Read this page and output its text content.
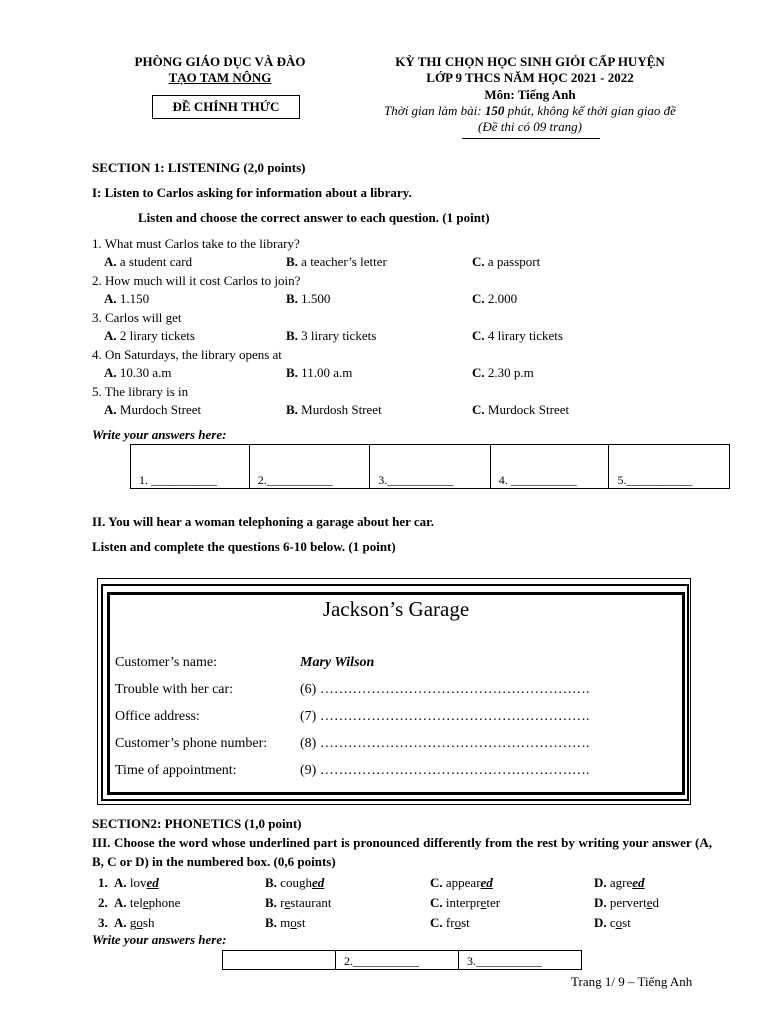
PHÒNG GIÁO DỤC VÀ ĐÀO
TẠO TAM NÔNG
ĐỀ CHÍNH THỨC
KỲ THI CHỌN HỌC SINH GIỎI CẤP HUYỆN
LỚP 9 THCS NĂM HỌC 2021 - 2022
Môn: Tiếng Anh
Thời gian làm bài: 150 phút, không kể thời gian giao đề
(Đề thi có 09 trang)
SECTION 1: LISTENING (2,0 points)
I: Listen to Carlos asking for information about a library.
Listen and choose the correct answer to each question. (1 point)
1. What must Carlos take to the library?
A. a student card	B. a teacher’s letter	C. a passport
2. How much will it cost Carlos to join?
A. 1.150	B. 1.500	C. 2.000
3. Carlos will get
A. 2 lirary tickets	B. 3 lirary tickets	C. 4 lirary tickets
4. On Saturdays, the library opens at
A. 10.30 a.m	B. 11.00 a.m	C. 2.30 p.m
5. The library is in
A. Murdoch Street	B. Murdosh Street	C. Murdock Street
Write your answers here:
1. ___________	2.___________	3.___________	4. ___________	5.___________
II. You will hear a woman telephoning a garage about her car.
Listen and complete the questions 6-10 below. (1 point)
Jackson’s Garage
Customer’s name:	Mary Wilson
Trouble with her car:	(6) ………………………………………………….
Office address:	(7) ………………………………………………….
Customer’s phone number: (8) ………………………………………………….
Time of appointment:	(9) ………………………………………………….
SECTION2: PHONETICS (1,0 point)
III. Choose the word whose underlined part is pronounced differently from the rest by writing your answer (A, B, C or D) in the numbered box. (0,6 points)
1. A. loved	B. coughed	C. appeared	D. agreed
2. A. telephone	B. restaurant	C. interpreter	D. perverted
3. A. gosh	B. most	C. frost	D. cost
Write your answers here:
	2.___________	3.___________
Trang 1/ 9 – Tiếng Anh
